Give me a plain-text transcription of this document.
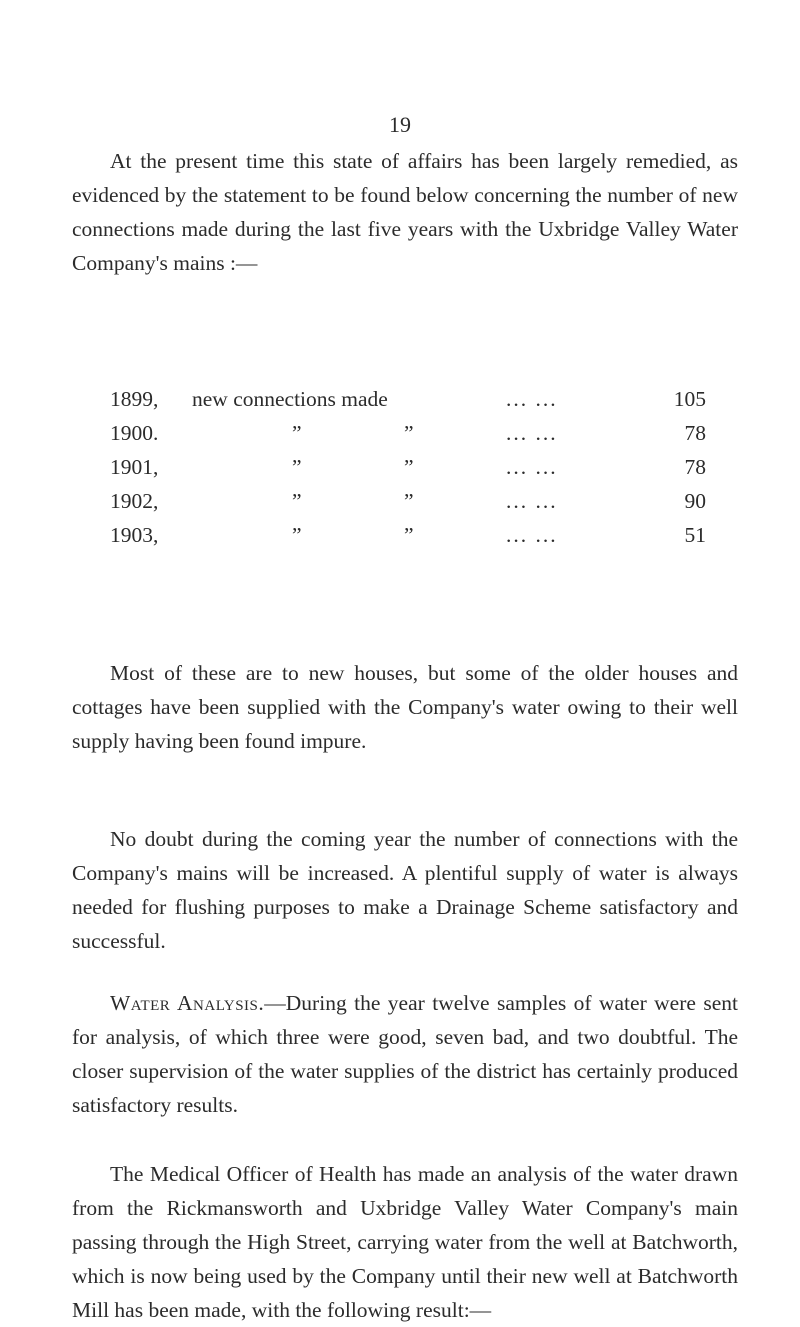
19

At the present time this state of affairs has been largely remedied, as evidenced by the statement to be found below concerning the number of new connections made during the last five years with the Uxbridge Valley Water Company's mains :—

1899, new connections made	... ...	105
1900.	”	”	... ...	78
1901,	”	”	... ...	78
1902,	”	”	... ...	90
1903,	”	”	... ...	51

Most of these are to new houses, but some of the older houses and cottages have been supplied with the Company's water owing to their well supply having been found impure.

No doubt during the coming year the number of connections with the Company's mains will be increased. A plentiful supply of water is always needed for flushing purposes to make a Drainage Scheme satisfactory and successful.

Water Analysis.—During the year twelve samples of water were sent for analysis, of which three were good, seven bad, and two doubtful. The closer supervision of the water supplies of the district has certainly produced satisfactory results.

The Medical Officer of Health has made an analysis of the water drawn from the Rickmansworth and Uxbridge Valley Water Company's main passing through the High Street, carrying water from the well at Batchworth, which is now being used by the Company until their new well at Batchworth Mill has been made, with the following result:—
